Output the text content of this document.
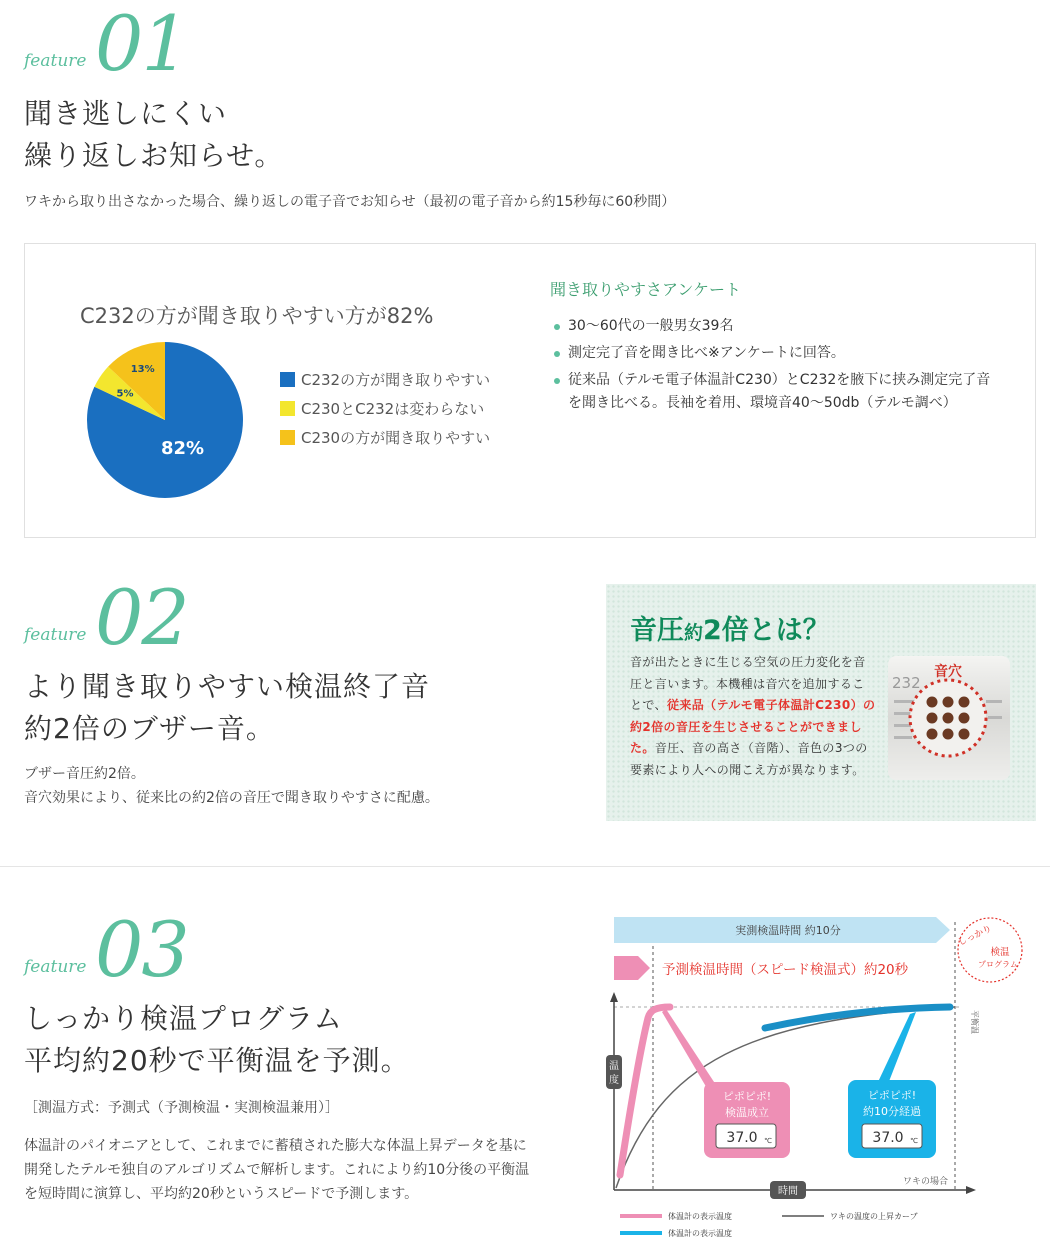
feature 01
聞き逃しにくい
繰り返しお知らせ。
ワキから取り出さなかった場合、繰り返しの電子音でお知らせ（最初の電子音から約15秒毎に60秒間）
C232の方が聞き取りやすい方が82%
82%
5%
13%
C232の方が聞き取りやすい
C230とC232は変わらない
C230の方が聞き取りやすい
聞き取りやすさアンケート
30〜60代の一般男女39名
測定完了音を聞き比べ※アンケートに回答。
従来品（テルモ電子体温計C230）とC232を腋下に挟み測定完了音を聞き比べる。長袖を着用、環境音40〜50db（テルモ調べ）
feature 02
より聞き取りやすい検温終了音
約2倍のブザー音。
ブザー音圧約2倍。
音穴効果により、従来比の約2倍の音圧で聞き取りやすさに配慮。
音圧約2倍とは？
音が出たときに生じる空気の圧力変化を音圧と言います。本機種は音穴を追加することで、従来品（テルモ電子体温計C230）の約2倍の音圧を生じさせることができました。音圧、音の高さ（音階）、音色の3つの要素により人への聞こえ方が異なります。
232
音穴
feature 03
しっかり検温プログラム
平均約20秒で平衡温を予測。
［測温方式：予測式（予測検温・実測検温兼用）］
体温計のパイオニアとして、これまでに蓄積された膨大な体温上昇データを基に
開発したテルモ独自のアルゴリズムで解析します。これにより約10分後の平衡温
を短時間に演算し、平均約20秒というスピードで予測します。
実測検温時間 約10分
予測検温時間（スピード検温式）約20秒
しっかり
検温
プログラム
温
度
時間
ワキの場合
平衡温
ピポピポ!
検温成立
37.0 ℃
ピポピポ!
約10分経過
37.0 ℃
体温計の表示温度
体温計の表示温度
ワキの温度の上昇カーブ
